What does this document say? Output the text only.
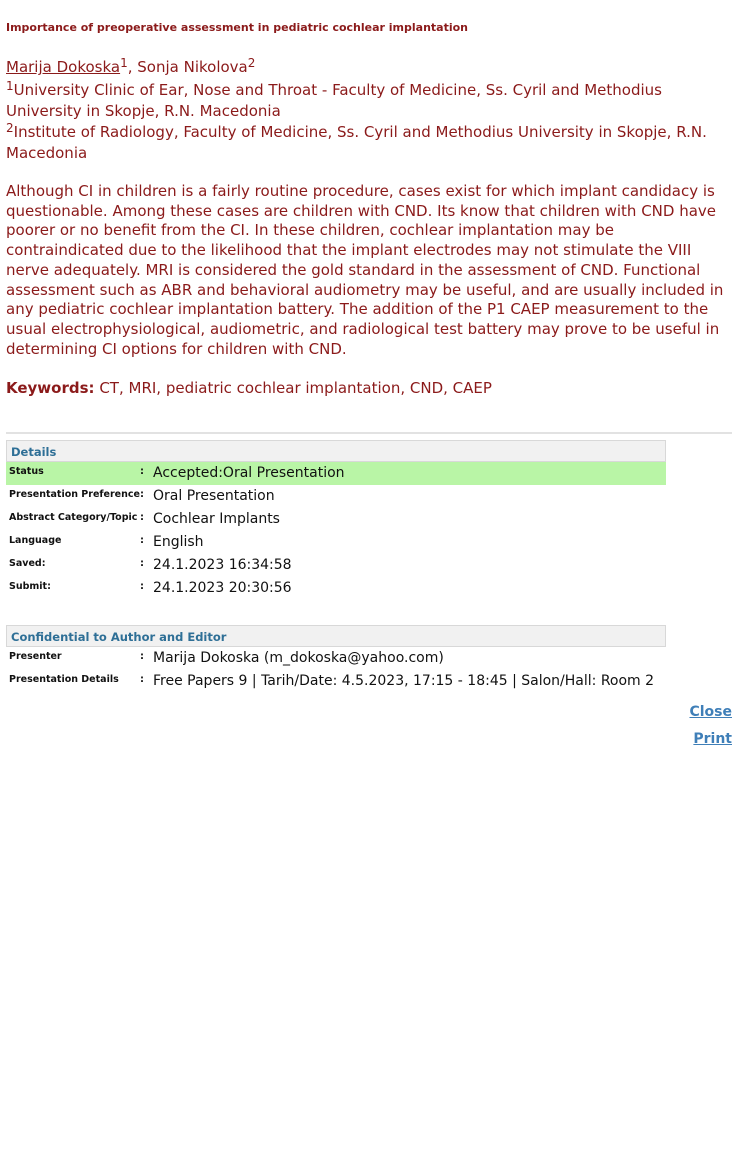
Importance of preoperative assessment in pediatric cochlear implantation
Marija Dokoska$^1$, Sonja Nikolova$^2$
$^1$University Clinic of Ear, Nose and Throat - Faculty of Medicine, Ss. Cyril and Methodius University in Skopje, R.N. Macedonia
$^2$Institute of Radiology, Faculty of Medicine, Ss. Cyril and Methodius University in Skopje, R.N. Macedonia

Although CI in children is a fairly routine procedure, cases exist for which implant candidacy is questionable. Among these cases are children with CND. Its know that children with CND have poorer or no benefit from the CI. In these children, cochlear implantation may be contraindicated due to the likelihood that the implant electrodes may not stimulate the VIII nerve adequately. MRI is considered the gold standard in the assessment of CND. Functional assessment such as ABR and behavioral audiometry may be useful, and are usually included in any pediatric cochlear implantation battery. The addition of the P1 CAEP measurement to the usual electrophysiological, audiometric, and radiological test battery may prove to be useful in determining CI options for children with CND.

Keywords: CT, MRI, pediatric cochlear implantation, CND, CAEP
Details
Status	: Accepted:Oral Presentation
Presentation Preference : Oral Presentation
Abstract Category/Topic : Cochlear Implants
Language	: English
Saved:	: 24.1.2023 16:34:58
Submit:	: 24.1.2023 20:30:56
Confidential to Author and Editor
Presenter	: Marija Dokoska (m_dokoska@yahoo.com)
Presentation Details : Free Papers 9 | Tarih/Date: 4.5.2023, 17:15 - 18:45 | Salon/Hall: Room 2
Close
Print
